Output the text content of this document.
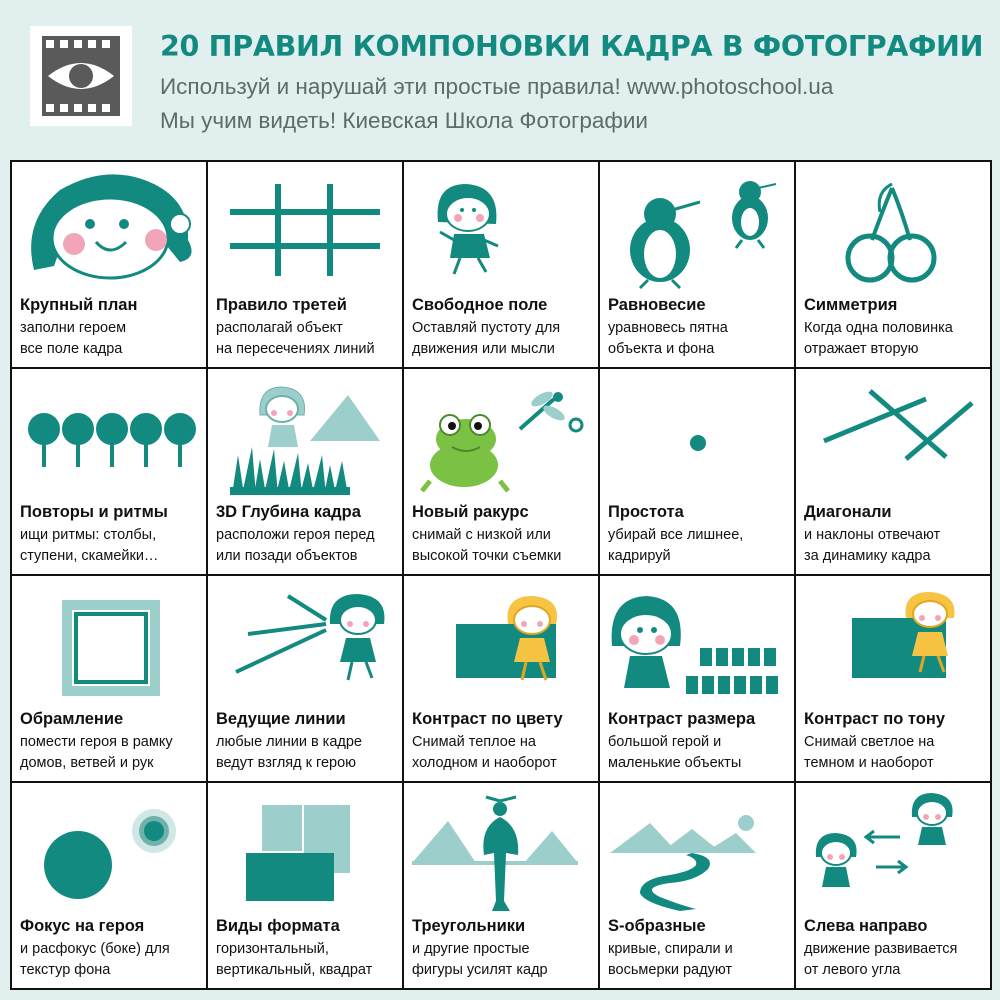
20 ПРАВИЛ КОМПОНОВКИ КАДРА В ФОТОГРАФИИ
Используй и нарушай эти простые правила! www.photoschool.ua
Мы учим видеть! Киевская Школа Фотографии
Крупный план
заполни героем
все поле кадра
Правило третей
располагай объект
на пересечениях линий
Свободное поле
Оставляй пустоту для
движения или мысли
Равновесие
уравновесь пятна
объекта и фона
Симметрия
Когда одна половинка
отражает вторую
Повторы и ритмы
ищи ритмы: столбы,
ступени, скамейки…
3D Глубина кадра
расположи героя перед
или позади объектов
Новый ракурс
снимай с низкой или
высокой точки съемки
Простота
убирай все лишнее,
кадрируй
Диагонали
и наклоны отвечают
за динамику кадра
Обрамление
помести героя в рамку
домов, ветвей и рук
Ведущие линии
любые линии в кадре
ведут взгляд к герою
Контраст по цвету
Снимай теплое на
холодном и наоборот
Контраст размера
большой герой и
маленькие объекты
Контраст по тону
Снимай светлое на
темном и наоборот
Фокус на героя
и расфокус (боке) для
текстур фона
Виды формата
горизонтальный,
вертикальный, квадрат
Треугольники
и другие простые
фигуры усилят кадр
S-образные
кривые, спирали и
восьмерки радуют
Слева направо
движение развивается
от левого угла
